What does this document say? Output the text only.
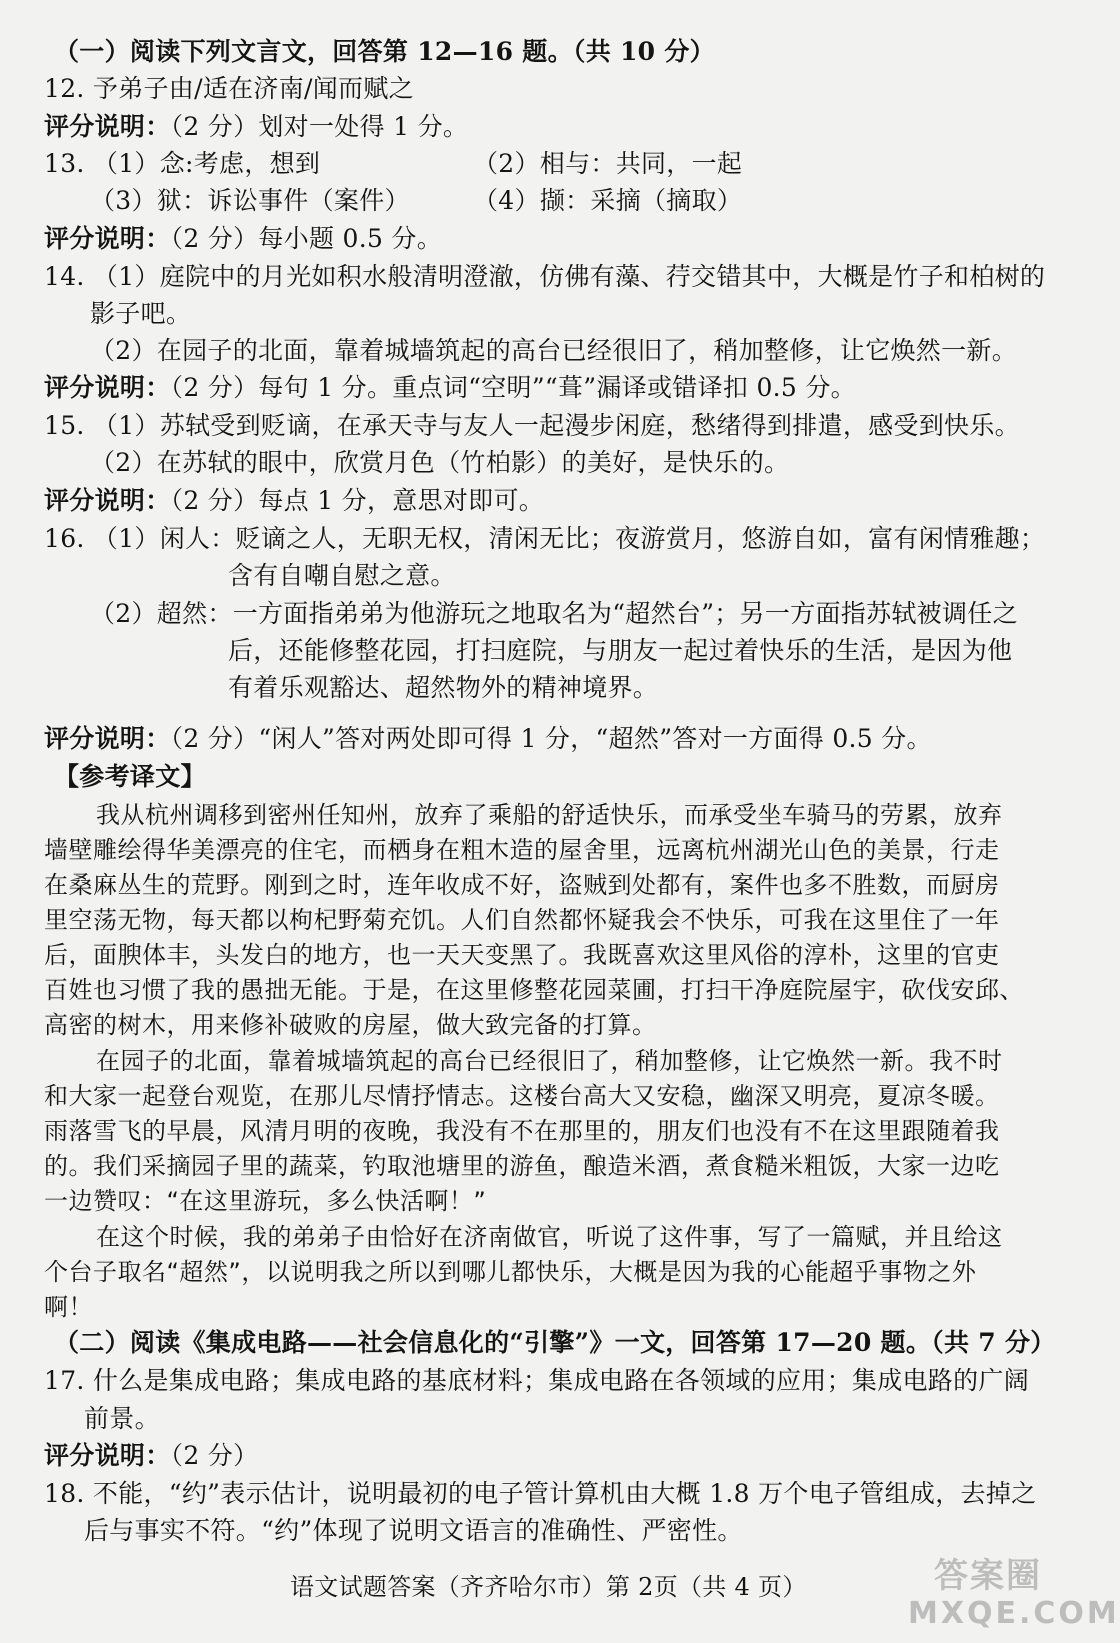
（一）阅读下列文言文，回答第 12—16 题。（共 10 分）
12. 予弟子由/适在济南/闻而赋之
评分说明：（2 分）划对一处得 1 分。
13. （1）念:考虑，想到	（2）相与：共同，一起
（3）狱：诉讼事件（案件）	（4）撷：采摘（摘取）
评分说明：（2 分）每小题 0.5 分。
14. （1）庭院中的月光如积水般清明澄澈，仿佛有藻、荇交错其中，大概是竹子和柏树的
影子吧。
（2）在园子的北面，靠着城墙筑起的高台已经很旧了，稍加整修，让它焕然一新。
评分说明：（2 分）每句 1 分。重点词“空明”“葺”漏译或错译扣 0.5 分。
15. （1）苏轼受到贬谪，在承天寺与友人一起漫步闲庭，愁绪得到排遣，感受到快乐。
（2）在苏轼的眼中，欣赏月色（竹柏影）的美好，是快乐的。
评分说明：（2 分）每点 1 分，意思对即可。
16. （1）闲人：贬谪之人，无职无权，清闲无比；夜游赏月，悠游自如，富有闲情雅趣；
含有自嘲自慰之意。
（2）超然：一方面指弟弟为他游玩之地取名为“超然台”；另一方面指苏轼被调任之
后，还能修整花园，打扫庭院，与朋友一起过着快乐的生活，是因为他
有着乐观豁达、超然物外的精神境界。
评分说明：（2 分）“闲人”答对两处即可得 1 分，“超然”答对一方面得 0.5 分。
【参考译文】
我从杭州调移到密州任知州，放弃了乘船的舒适快乐，而承受坐车骑马的劳累，放弃
墙壁雕绘得华美漂亮的住宅，而栖身在粗木造的屋舍里，远离杭州湖光山色的美景，行走
在桑麻丛生的荒野。刚到之时，连年收成不好，盗贼到处都有，案件也多不胜数，而厨房
里空荡无物，每天都以枸杞野菊充饥。人们自然都怀疑我会不快乐，可我在这里住了一年
后，面腴体丰，头发白的地方，也一天天变黑了。我既喜欢这里风俗的淳朴，这里的官吏
百姓也习惯了我的愚拙无能。于是，在这里修整花园菜圃，打扫干净庭院屋宇，砍伐安邱、
高密的树木，用来修补破败的房屋，做大致完备的打算。
在园子的北面，靠着城墙筑起的高台已经很旧了，稍加整修，让它焕然一新。我不时
和大家一起登台观览，在那儿尽情抒情志。这楼台高大又安稳，幽深又明亮，夏凉冬暖。
雨落雪飞的早晨，风清月明的夜晚，我没有不在那里的，朋友们也没有不在这里跟随着我
的。我们采摘园子里的蔬菜，钓取池塘里的游鱼，酿造米酒，煮食糙米粗饭，大家一边吃
一边赞叹：“在这里游玩，多么快活啊！”
在这个时候，我的弟弟子由恰好在济南做官，听说了这件事，写了一篇赋，并且给这
个台子取名“超然”，以说明我之所以到哪儿都快乐，大概是因为我的心能超乎事物之外
啊！
（二）阅读《集成电路——社会信息化的“引擎”》一文，回答第 17—20 题。（共 7 分）
17. 什么是集成电路；集成电路的基底材料；集成电路在各领域的应用；集成电路的广阔
前景。
评分说明：（2 分）
18. 不能，“约”表示估计，说明最初的电子管计算机由大概 1.8 万个电子管组成，去掉之
后与事实不符。“约”体现了说明文语言的准确性、严密性。
语文试题答案（齐齐哈尔市）第 2页（共 4 页）	答案圈
MXQE.COM
